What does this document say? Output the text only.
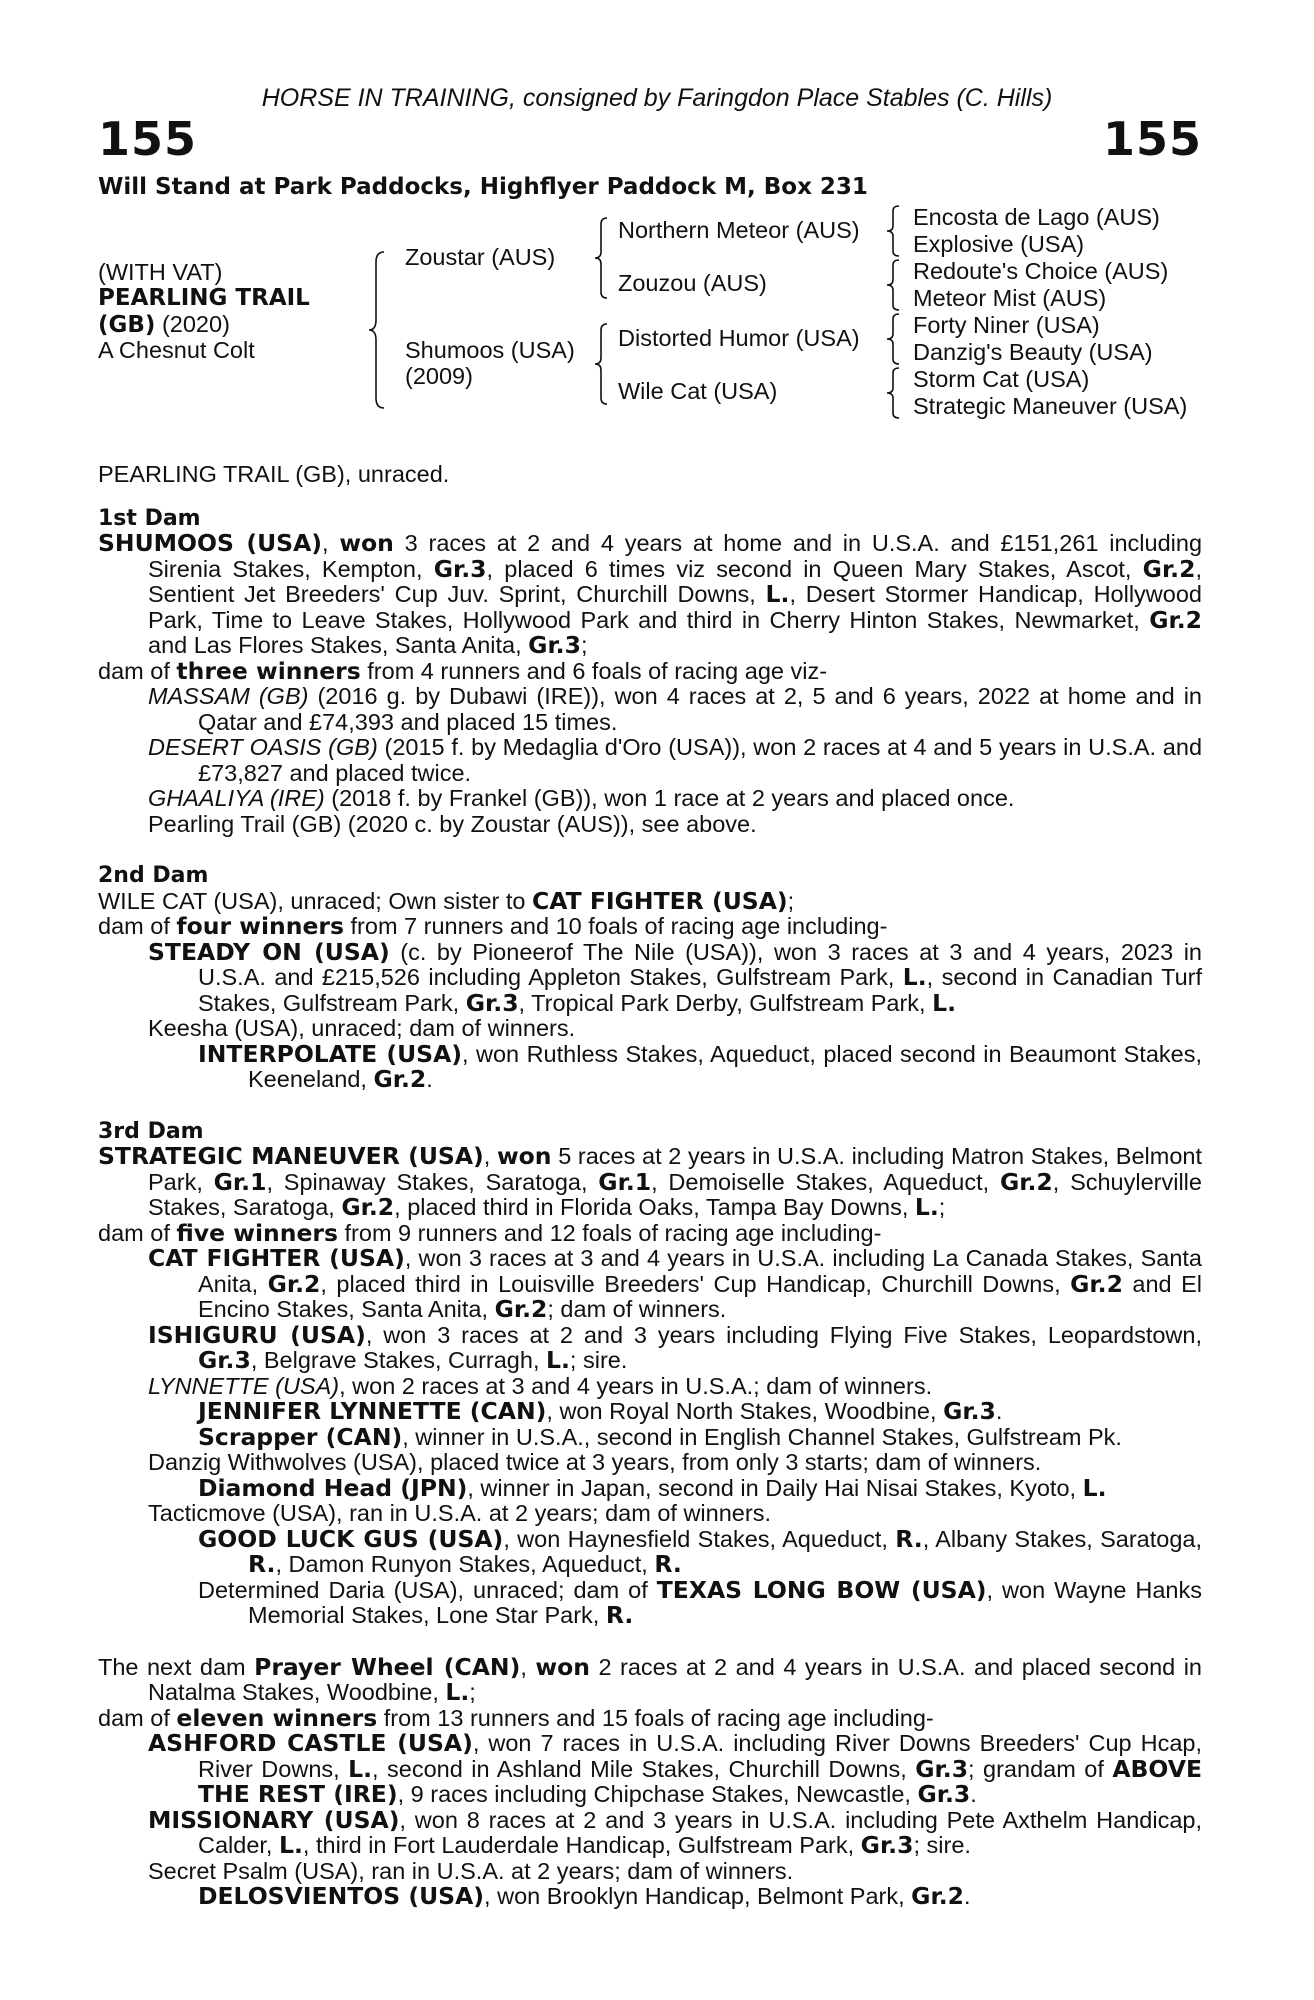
HORSE IN TRAINING, consigned by Faringdon Place Stables (C. Hills)
155	155
Will Stand at Park Paddocks, Highflyer Paddock M, Box 231
(WITH VAT)
PEARLING TRAIL
(GB) (2020)
A Chesnut Colt
Zoustar (AUS)
Shumoos (USA)
(2009)
Northern Meteor (AUS)
Zouzou (AUS)
Distorted Humor (USA)
Wile Cat (USA)
Encosta de Lago (AUS)
Explosive (USA)
Redoute's Choice (AUS)
Meteor Mist (AUS)
Forty Niner (USA)
Danzig's Beauty (USA)
Storm Cat (USA)
Strategic Maneuver (USA)

PEARLING TRAIL (GB), unraced.

1st Dam

SHUMOOS (USA), won 3 races at 2 and 4 years at home and in U.S.A. and £151,261 including Sirenia Stakes, Kempton, Gr.3, placed 6 times viz second in Queen Mary Stakes, Ascot, Gr.2, Sentient Jet Breeders' Cup Juv. Sprint, Churchill Downs, L., Desert Stormer Handicap, Hollywood Park, Time to Leave Stakes, Hollywood Park and third in Cherry Hinton Stakes, Newmarket, Gr.2 and Las Flores Stakes, Santa Anita, Gr.3;

dam of three winners from 4 runners and 6 foals of racing age viz-

MASSAM (GB) (2016 g. by Dubawi (IRE)), won 4 races at 2, 5 and 6 years, 2022 at home and in Qatar and £74,393 and placed 15 times.

DESERT OASIS (GB) (2015 f. by Medaglia d'Oro (USA)), won 2 races at 4 and 5 years in U.S.A. and £73,827 and placed twice.

GHAALIYA (IRE) (2018 f. by Frankel (GB)), won 1 race at 2 years and placed once.

Pearling Trail (GB) (2020 c. by Zoustar (AUS)), see above.

2nd Dam

WILE CAT (USA), unraced; Own sister to CAT FIGHTER (USA);

dam of four winners from 7 runners and 10 foals of racing age including-

STEADY ON (USA) (c. by Pioneerof The Nile (USA)), won 3 races at 3 and 4 years, 2023 in U.S.A. and £215,526 including Appleton Stakes, Gulfstream Park, L., second in Canadian Turf Stakes, Gulfstream Park, Gr.3, Tropical Park Derby, Gulfstream Park, L.

Keesha (USA), unraced; dam of winners.

INTERPOLATE (USA), won Ruthless Stakes, Aqueduct, placed second in Beaumont Stakes, Keeneland, Gr.2.

3rd Dam

STRATEGIC MANEUVER (USA), won 5 races at 2 years in U.S.A. including Matron Stakes, Belmont Park, Gr.1, Spinaway Stakes, Saratoga, Gr.1, Demoiselle Stakes, Aqueduct, Gr.2, Schuylerville Stakes, Saratoga, Gr.2, placed third in Florida Oaks, Tampa Bay Downs, L.;

dam of five winners from 9 runners and 12 foals of racing age including-

CAT FIGHTER (USA), won 3 races at 3 and 4 years in U.S.A. including La Canada Stakes, Santa Anita, Gr.2, placed third in Louisville Breeders' Cup Handicap, Churchill Downs, Gr.2 and El Encino Stakes, Santa Anita, Gr.2; dam of winners.

ISHIGURU (USA), won 3 races at 2 and 3 years including Flying Five Stakes, Leopardstown, Gr.3, Belgrave Stakes, Curragh, L.; sire.

LYNNETTE (USA), won 2 races at 3 and 4 years in U.S.A.; dam of winners.

JENNIFER LYNNETTE (CAN), won Royal North Stakes, Woodbine, Gr.3.

Scrapper (CAN), winner in U.S.A., second in English Channel Stakes, Gulfstream Pk.

Danzig Withwolves (USA), placed twice at 3 years, from only 3 starts; dam of winners.

Diamond Head (JPN), winner in Japan, second in Daily Hai Nisai Stakes, Kyoto, L.

Tacticmove (USA), ran in U.S.A. at 2 years; dam of winners.

GOOD LUCK GUS (USA), won Haynesfield Stakes, Aqueduct, R., Albany Stakes, Saratoga, R., Damon Runyon Stakes, Aqueduct, R.

Determined Daria (USA), unraced; dam of TEXAS LONG BOW (USA), won Wayne Hanks Memorial Stakes, Lone Star Park, R.

The next dam Prayer Wheel (CAN), won 2 races at 2 and 4 years in U.S.A. and placed second in Natalma Stakes, Woodbine, L.;

dam of eleven winners from 13 runners and 15 foals of racing age including-

ASHFORD CASTLE (USA), won 7 races in U.S.A. including River Downs Breeders' Cup Hcap, River Downs, L., second in Ashland Mile Stakes, Churchill Downs, Gr.3; grandam of ABOVE THE REST (IRE), 9 races including Chipchase Stakes, Newcastle, Gr.3.

MISSIONARY (USA), won 8 races at 2 and 3 years in U.S.A. including Pete Axthelm Handicap, Calder, L., third in Fort Lauderdale Handicap, Gulfstream Park, Gr.3; sire.

Secret Psalm (USA), ran in U.S.A. at 2 years; dam of winners.

DELOSVIENTOS (USA), won Brooklyn Handicap, Belmont Park, Gr.2.
